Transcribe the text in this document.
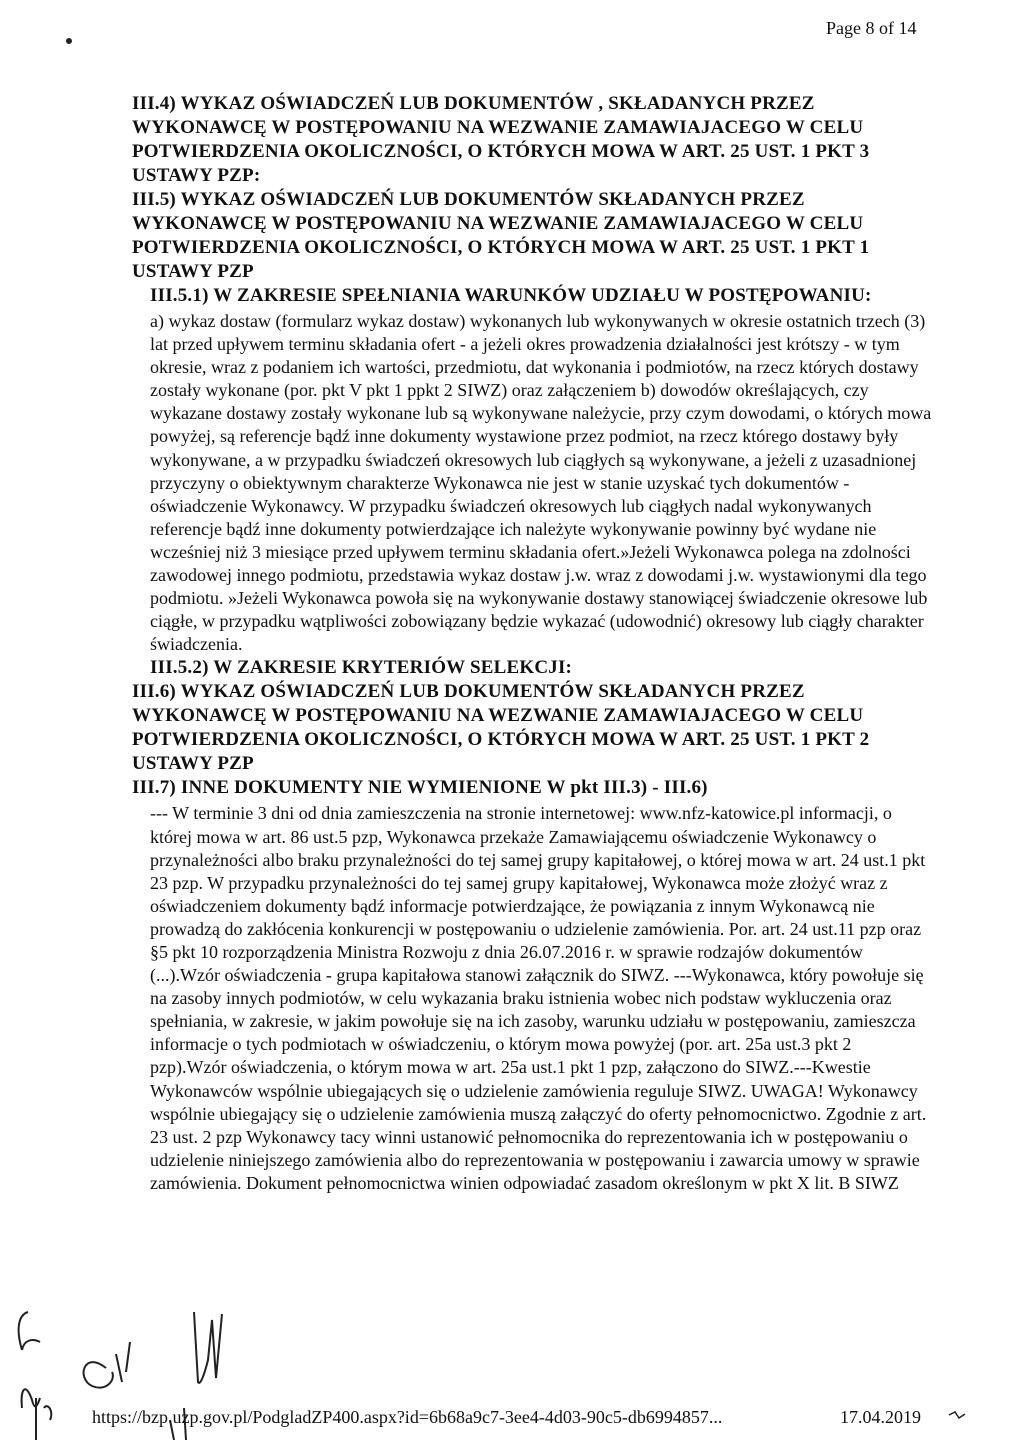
Page 8 of 14

III.4) WYKAZ OŚWIADCZEŃ LUB DOKUMENTÓW , SKŁADANYCH PRZEZ WYKONAWCĘ W POSTĘPOWANIU NA WEZWANIE ZAMAWIAJACEGO W CELU POTWIERDZENIA OKOLICZNOŚCI, O KTÓRYCH MOWA W ART. 25 UST. 1 PKT 3 USTAWY PZP:

III.5) WYKAZ OŚWIADCZEŃ LUB DOKUMENTÓW SKŁADANYCH PRZEZ WYKONAWCĘ W POSTĘPOWANIU NA WEZWANIE ZAMAWIAJACEGO W CELU POTWIERDZENIA OKOLICZNOŚCI, O KTÓRYCH MOWA W ART. 25 UST. 1 PKT 1 USTAWY PZP

III.5.1) W ZAKRESIE SPEŁNIANIA WARUNKÓW UDZIAŁU W POSTĘPOWANIU:

a) wykaz dostaw (formularz wykaz dostaw) wykonanych lub wykonywanych w okresie ostatnich trzech (3) lat przed upływem terminu składania ofert - a jeżeli okres prowadzenia działalności jest krótszy - w tym okresie, wraz z podaniem ich wartości, przedmiotu, dat wykonania i podmiotów, na rzecz których dostawy zostały wykonane (por. pkt V pkt 1 ppkt 2 SIWZ) oraz załączeniem b) dowodów określających, czy wykazane dostawy zostały wykonane lub są wykonywane należycie, przy czym dowodami, o których mowa powyżej, są referencje bądź inne dokumenty wystawione przez podmiot, na rzecz którego dostawy były wykonywane, a w przypadku świadczeń okresowych lub ciągłych są wykonywane, a jeżeli z uzasadnionej przyczyny o obiektywnym charakterze Wykonawca nie jest w stanie uzyskać tych dokumentów - oświadczenie Wykonawcy. W przypadku świadczeń okresowych lub ciągłych nadal wykonywanych referencje bądź inne dokumenty potwierdzające ich należyte wykonywanie powinny być wydane nie wcześniej niż 3 miesiące przed upływem terminu składania ofert.»Jeżeli Wykonawca polega na zdolności zawodowej innego podmiotu, przedstawia wykaz dostaw j.w. wraz z dowodami j.w. wystawionymi dla tego podmiotu. »Jeżeli Wykonawca powoła się na wykonywanie dostawy stanowiącej świadczenie okresowe lub ciągłe, w przypadku wątpliwości zobowiązany będzie wykazać (udowodnić) okresowy lub ciągły charakter świadczenia.

III.5.2) W ZAKRESIE KRYTERIÓW SELEKCJI:

III.6) WYKAZ OŚWIADCZEŃ LUB DOKUMENTÓW SKŁADANYCH PRZEZ WYKONAWCĘ W POSTĘPOWANIU NA WEZWANIE ZAMAWIAJACEGO W CELU POTWIERDZENIA OKOLICZNOŚCI, O KTÓRYCH MOWA W ART. 25 UST. 1 PKT 2 USTAWY PZP

III.7) INNE DOKUMENTY NIE WYMIENIONE W pkt III.3) - III.6)

--- W terminie 3 dni od dnia zamieszczenia na stronie internetowej: www.nfz-katowice.pl informacji, o której mowa w art. 86 ust.5 pzp, Wykonawca przekaże Zamawiającemu oświadczenie Wykonawcy o przynależności albo braku przynależności do tej samej grupy kapitałowej, o której mowa w art. 24 ust.1 pkt 23 pzp. W przypadku przynależności do tej samej grupy kapitałowej, Wykonawca może złożyć wraz z oświadczeniem dokumenty bądź informacje potwierdzające, że powiązania z innym Wykonawcą nie prowadzą do zakłócenia konkurencji w postępowaniu o udzielenie zamówienia. Por. art. 24 ust.11 pzp oraz §5 pkt 10 rozporządzenia Ministra Rozwoju z dnia 26.07.2016 r. w sprawie rodzajów dokumentów (...).Wzór oświadczenia - grupa kapitałowa stanowi załącznik do SIWZ. ---Wykonawca, który powołuje się na zasoby innych podmiotów, w celu wykazania braku istnienia wobec nich podstaw wykluczenia oraz spełniania, w zakresie, w jakim powołuje się na ich zasoby, warunku udziału w postępowaniu, zamieszcza informacje o tych podmiotach w oświadczeniu, o którym mowa powyżej (por. art. 25a ust.3 pkt 2 pzp).Wzór oświadczenia, o którym mowa w art. 25a ust.1 pkt 1 pzp, załączono do SIWZ.---Kwestie Wykonawców wspólnie ubiegających się o udzielenie zamówienia reguluje SIWZ. UWAGA! Wykonawcy wspólnie ubiegający się o udzielenie zamówienia muszą załączyć do oferty pełnomocnictwo. Zgodnie z art. 23 ust. 2 pzp Wykonawcy tacy winni ustanowić pełnomocnika do reprezentowania ich w postępowaniu o udzielenie niniejszego zamówienia albo do reprezentowania w postępowaniu i zawarcia umowy w sprawie zamówienia. Dokument pełnomocnictwa winien odpowiadać zasadom określonym w pkt X lit. B SIWZ

https://bzp.uzp.gov.pl/PodgladZP400.aspx?id=6b68a9c7-3ee4-4d03-90c5-db6994857...	17.04.2019
